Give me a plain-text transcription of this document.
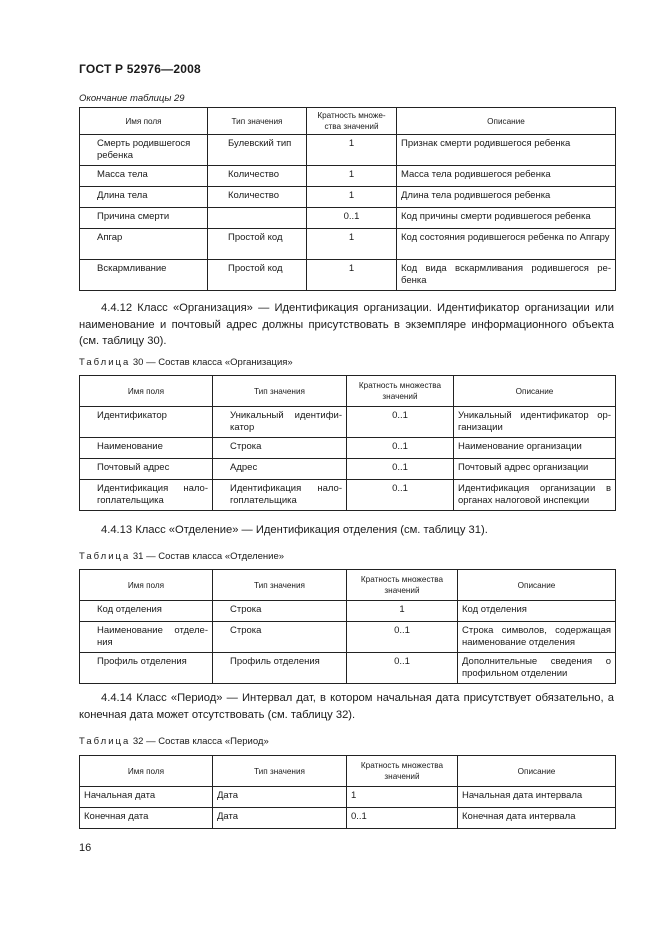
ГОСТ Р 52976—2008
Окончание таблицы 29
Имя поля	Тип значения	Кратность множе-ства значений	Описание
Смерть родившегося ребенка	Булевский тип	1	Признак смерти родившегося ребенка
Масса тела	Количество	1	Масса тела родившегося ребенка
Длина тела	Количество	1	Длина тела родившегося ребенка
Причина смерти		0..1	Код причины смерти родившегося ребенка
Апгар	Простой код	1	Код состояния родившегося ребенка по Апгару
Вскармливание	Простой код	1	Код вида вскармливания родившегося ре-бенка
4.4.12 Класс «Организация» — Идентификация организации. Идентификатор организации или наименование и почтовый адрес должны присутствовать в экземпляре информационного объекта (см. таблицу 30).
Таблица 30 — Состав класса «Организация»
Имя поля	Тип значения	Кратность множества значений	Описание
Идентификатор	Уникальный идентифи-катор	0..1	Уникальный идентификатор ор-ганизации
Наименование	Строка	0..1	Наименование организации
Почтовый адрес	Адрес	0..1	Почтовый адрес организации
Идентификация нало-гоплательщика	Идентификация нало-гоплательщика	0..1	Идентификация организации в органах налоговой инспекции
4.4.13 Класс «Отделение» — Идентификация отделения (см. таблицу 31).
Таблица 31 — Состав класса «Отделение»
Имя поля	Тип значения	Кратность множества значений	Описание
Код отделения	Строка	1	Код отделения
Наименование отделе-ния	Строка	0..1	Строка символов, содержащая наименование отделения
Профиль отделения	Профиль отделения	0..1	Дополнительные сведения о профильном отделении
4.4.14 Класс «Период» — Интервал дат, в котором начальная дата присутствует обязательно, а конечная дата может отсутствовать (см. таблицу 32).
Таблица 32 — Состав класса «Период»
Имя поля	Тип значения	Кратность множества значений	Описание
Начальная дата	Дата	1	Начальная дата интервала
Конечная дата	Дата	0..1	Конечная дата интервала
16
